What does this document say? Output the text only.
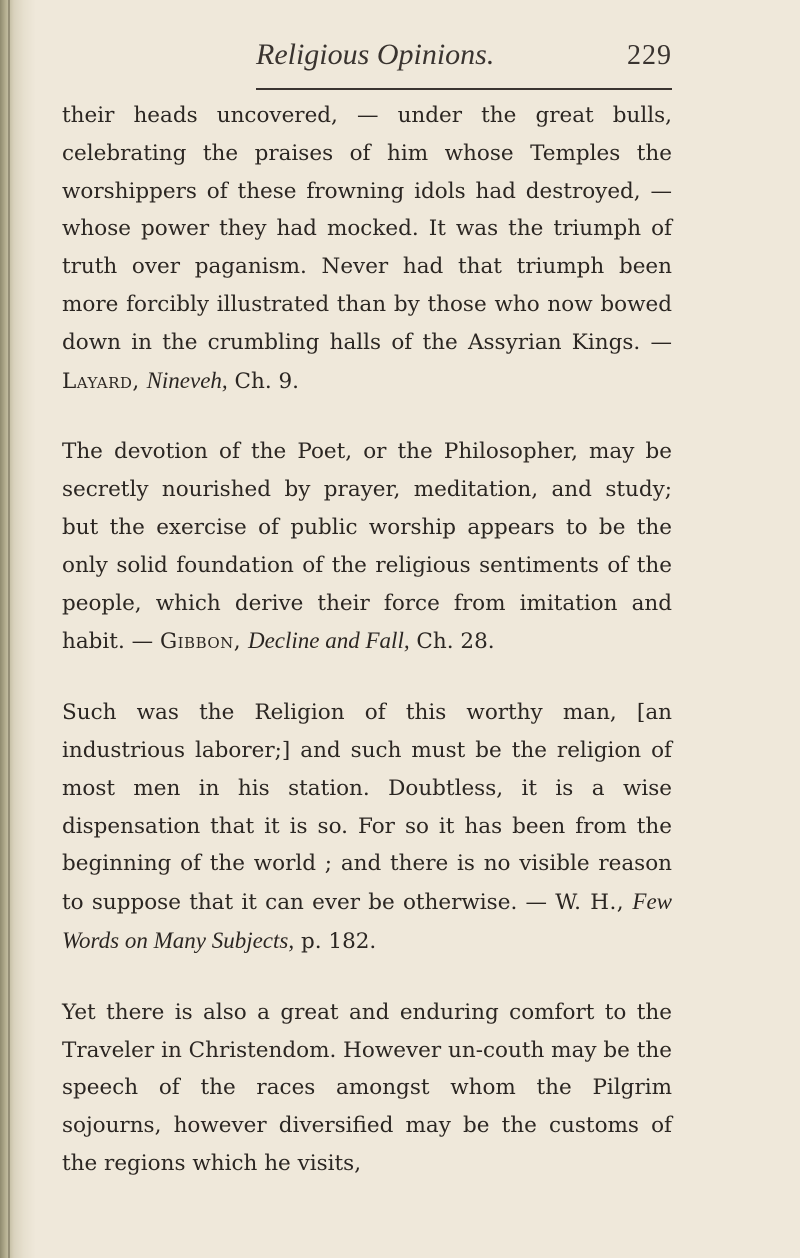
Religious Opinions.	229

their heads uncovered, — under the great bulls, celebrating the praises of him whose Temples the worshippers of these frowning idols had destroyed, — whose power they had mocked. It was the triumph of truth over paganism. Never had that triumph been more forcibly illustrated than by those who now bowed down in the crumbling halls of the Assyrian Kings. — Layard, Nineveh, Ch. 9.

The devotion of the Poet, or the Philosopher, may be secretly nourished by prayer, meditation, and study; but the exercise of public worship appears to be the only solid foundation of the religious sentiments of the people, which derive their force from imitation and habit. — Gibbon, Decline and Fall, Ch. 28.

Such was the Religion of this worthy man, [an industrious laborer;] and such must be the religion of most men in his station. Doubtless, it is a wise dispensation that it is so. For so it has been from the beginning of the world ; and there is no visible reason to suppose that it can ever be otherwise. — W. H., Few Words on Many Subjects, p. 182.

Yet there is also a great and enduring comfort to the Traveler in Christendom. However un-couth may be the speech of the races amongst whom the Pilgrim sojourns, however diversified may be the customs of the regions which he visits,
